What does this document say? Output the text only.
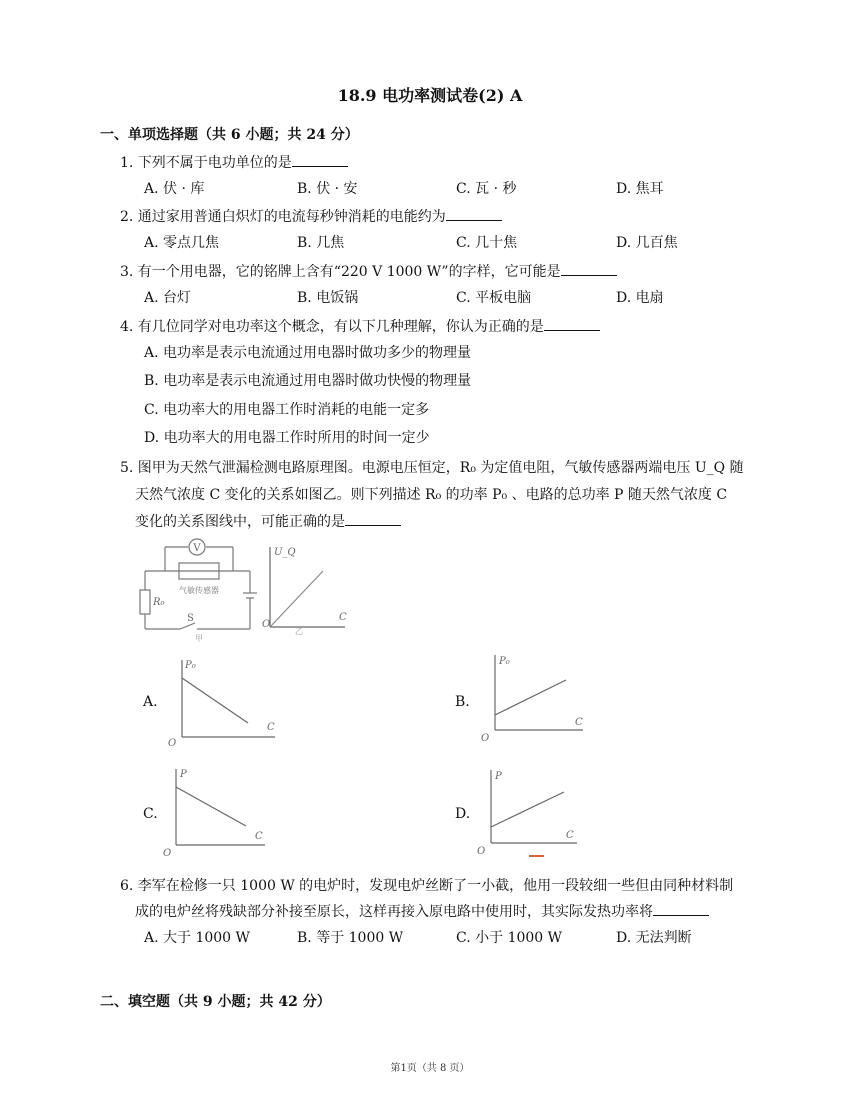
18.9 电功率测试卷(2) A
一、单项选择题（共 6 小题；共 24 分）
1. 下列不属于电功单位的是
A. 伏 · 库	B. 伏 · 安	C. 瓦 · 秒	D. 焦耳
2. 通过家用普通白炽灯的电流每秒钟消耗的电能约为
A. 零点几焦	B. 几焦	C. 几十焦	D. 几百焦
3. 有一个用电器，它的铭牌上含有“220 V 1000 W”的字样，它可能是
A. 台灯	B. 电饭锅	C. 平板电脑	D. 电扇
4. 有几位同学对电功率这个概念，有以下几种理解，你认为正确的是
A. 电功率是表示电流通过用电器时做功多少的物理量
B. 电功率是表示电流通过用电器时做功快慢的物理量
C. 电功率大的用电器工作时消耗的电能一定多
D. 电功率大的用电器工作时所用的时间一定少
5. 图甲为天然气泄漏检测电路原理图。电源电压恒定，R₀ 为定值电阻，气敏传感器两端电压 U_Q 随
天然气浓度 C 变化的关系如图乙。则下列描述 R₀ 的功率 P₀ 、电路的总功率 P 随天然气浓度 C
变化的关系图线中，可能正确的是
V
气敏传感器
R₀
S
甲
U_Q
C
O
乙
A.
P₀
C
O
B.
P₀
C
O
C.
P
C
O
D.
P
C
O
6. 李军在检修一只 1000 W 的电炉时，发现电炉丝断了一小截，他用一段较细一些但由同种材料制
成的电炉丝将残缺部分补接至原长，这样再接入原电路中使用时，其实际发热功率将
A. 大于 1000 W	B. 等于 1000 W	C. 小于 1000 W	D. 无法判断
二、填空题（共 9 小题；共 42 分）
第1页（共 8 页）
